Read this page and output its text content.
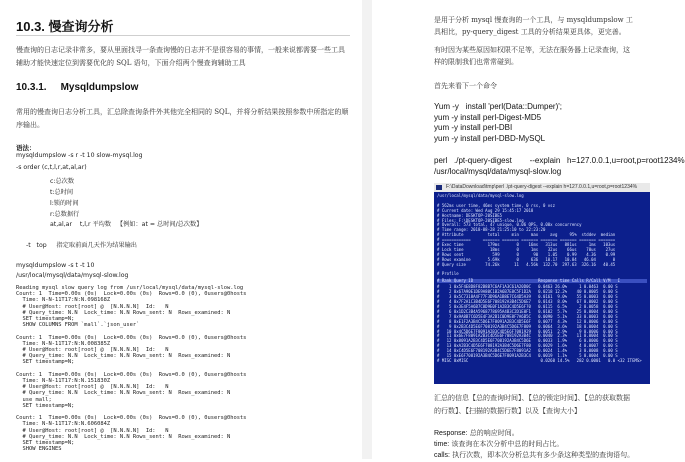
10.3. 慢查询分析

慢查询的日志记录非常多，要从里面找寻一条查询慢的日志并不是很容易的事情，一般来说都需要一些工具辅助才能快速定位到需要优化的 SQL 语句，下面介绍两个慢查询辅助工具

10.3.1. Mysqldumpslow

常用的慢查询日志分析工具，汇总除查询条件外其他完全相同的 SQL，并将分析结果按照参数中所指定的顺序输出。

语法：

mysqldumpslow -s r -t 10 slow-mysql.log

-s order (c,t,l,r,at,al,ar)

c:总次数

t:总时间

l:锁的时间

r:总数据行

at,al,ar    t,l,r 平均数   【例如：at = 总时间/总次数】

-t   top     指定取前面几天作为结果输出

mysqldumpslow -s t -t 10

/usr/local/mysql/data/mysql-slow.log

Reading mysql slow query log from /usr/local/mysql/data/mysql-slow.log
Count: 1  Time=0.00s (0s)  Lock=0.00s (0s)  Rows=0.0 (0), 0users@0hosts
Time: N-N-11T17:N:N.098168Z
# User@Host: root[root] @  [N.N.N.N]  Id:   N
# Query_time: N.N  Lock_time: N.N Rows_sent: N  Rows_examined: N
SET timestamp=N;
SHOW COLUMNS FROM `mall`.`json_user`

Count: 1  Time=0.00s (0s)  Lock=0.00s (0s)  Rows=0.0 (0), 0users@0hosts
Time: N-N-11T17:N:N.008385Z
# User@Host: root[root] @  [N.N.N.N]  Id:   N
# Query_time: N.N  Lock_time: N.N Rows_sent: N  Rows_examined: N
SET timestamp=N;

Count: 1  Time=0.00s (0s)  Lock=0.00s (0s)  Rows=0.0 (0), 0users@0hosts
Time: N-N-11T17:N:N.151830Z
# User@Host: root[root] @  [N.N.N.N]  Id:   N
# Query_time: N.N  Lock_time: N.N Rows_sent: N  Rows_examined: N
use mall;
SET timestamp=N;

Count: 1  Time=0.00s (0s)  Lock=0.00s (0s)  Rows=0.0 (0), 0users@0hosts
Time: N-N-11T17:N:N.606084Z
# User@Host: root[root] @  [N.N.N.N]  Id:   N
# Query_time: N.N  Lock_time: N.N Rows_sent: N  Rows_examined: N
SET timestamp=N;
SHOW ENGINES

是用于分析 mysql 慢查询的一个工具，与 mysqldumpslow 工具相比，py-query_digest 工具的分析结果更具体，更完善。

有时因为某些原因如权限不足等，无法在服务器上记录查询，这样的限制我们也常常碰到。

首先来看下一个命令

Yum -y   install 'perl(Data::Dumper)';
yum -y install perl-Digest-MD5
yum -y install perl-DBI
yum -y install perl-DBD-MySQL
perl   ./pt-query-digest        --explain   h=127.0.0.1,u=root,p=root1234%
/usr/local/mysql/data/mysql-slow.log
F:\DataDownload\tmp\perl .\pt-query-digest --explain h=127.0.0.1,u=root,p=root1234%
/usr/local/mysql/data/mysql-slow.log

# 562ms user time, 46ms system time, 0 rss, 0 vsz
# Current date: Wed Aug 29 15:45:17 2018
# Hostname: DESKTOP-20SIBE5
# Files: F:\DESKTOP-20SIBE5-slow.log
# Overall: 573 total, 47 unique, 0.06 QPS, 0.00x concurrency
# Time range: 2018-08-28 21:25:10 to 22:23:20
# Attribute          total     min     max     avg     95%  stddev  median
# ============     ======= ======= ======= ======= ======= ======= =======
# Exec time          179ms       0    16ms   313us   881us     1ms   103us
# Lock time           18ms       0     1ms    32us    66us    70us    27us
# Rows sent            599       0      90    1.05    0.99    4.36    0.99
# Rows examine       5.69k       0     636   10.17   10.84   46.04       0
# Query size        74.26k      11   4.56k  132.70  297.63  326.16   40.45
# Profile
# Rank Query ID                           Response time Calls R/Call V/M   I
#    1 0x5F4E8D8F82B8B7C6AF1A3C61A20D0C   0.0463 26.0%     1 0.0463  0.00 S
#    2 0x67A90E1DE9A80C1B2A6B7E8C5F1D2A   0.0218 12.2%    40 0.0005  0.00 S
#    3 0x5C7318A4F77F3D96A1B8E7C64D5A39   0.0161  9.0%    55 0.0003  0.00 S
#    4 0x7F2A1C3B4D5E6F708192A3B4C5D6E7   0.0143  8.0%    67 0.0002  0.00 S
#    5 0x3E4F5A6B7C8D9E0F1A2B3C4D5E6F70   0.0115  6.5%     2 0.0058  0.00 S
#    6 0x1D2C3B4A5968778695A4B3C2D1E0F1   0.0102  5.7%    25 0.0004  0.00 S
#    7 0x9A8B7C6D5E4F3A2B1C0D9E8F7A6B5C   0.0090  5.1%    33 0.0003  0.00 S
#    8 0xE1F2A3B4C5D6E7F8091A2B3C4D5E6F   0.0077  4.3%    12 0.0006  0.00 S
#    9 0x2B3C4D5E6F708192A3B4C5D6E7F809   0.0064  3.6%    18 0.0004  0.00 S
#   10 0x4C5D6E7F8091A2B3C4D5E6F7081929   0.0051  2.9%     9 0.0006  0.00 S
#   11 0x6E7F8091A2B3C4D5E6F708192A3B4C   0.0040  2.3%    11 0.0004  0.00 S
#   12 0x8091A2B3C4D5E6F708192A3B4C5D6E   0.0033  1.9%     6 0.0006  0.00 S
#   13 0xA2B3C4D5E6F708192A3B4C5D6E7F80   0.0029  1.6%     4 0.0007  0.00 S
#   14 0xC4D5E6F708192A3B4C5D6E7F8091A2   0.0024  1.4%     3 0.0008  0.00 S
#   15 0xE6F708192A3B4C5D6E7F8091A2B3C4   0.0019  1.1%     5 0.0004  0.00 S
# MISC 0xMISC                              0.0260 14.5%   282 0.0001   0.0 <32 ITEMS>

汇总的信息【总的查询时间】、【总的锁定时间】、【总的获取数据的行数】、【扫描的数据行数】以及【查询大小】

Response: 总的响应时间。

time: 该查询在本次分析中总的时间占比。

calls: 执行次数，即本次分析总共有多少条这种类型的查询语句。
